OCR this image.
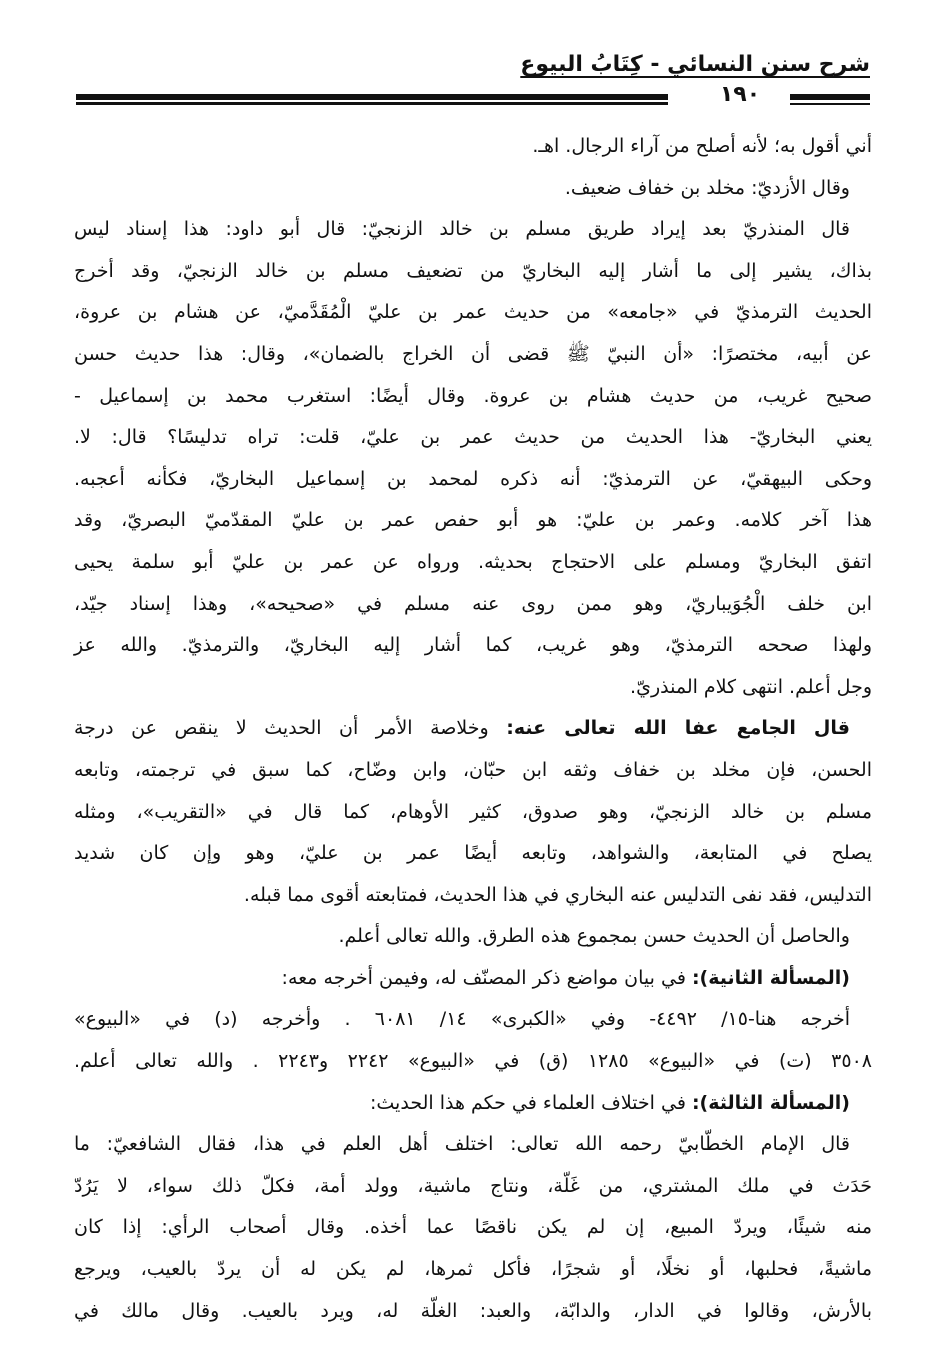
شرح سنن النسائي - كِتَابُ البيوع
١٩٠
أني أقول به؛ لأنه أصلح من آراء الرجال. اهـ.
وقال الأزديّ: مخلد بن خفاف ضعيف.
قال المنذريّ بعد إيراد طريق مسلم بن خالد الزنجيّ: قال أبو داود: هذا إسناد ليس
بذاك، يشير إلى ما أشار إليه البخاريّ من تضعيف مسلم بن خالد الزنجيّ، وقد أخرج
الحديث الترمذيّ في «جامعه» من حديث عمر بن عليّ الْمُقَدَّميّ، عن هشام بن عروة،
عن أبيه، مختصرًا: «أن النبيّ ﷺ قضى أن الخراج بالضمان»، وقال: هذا حديث حسن
صحيح غريب، من حديث هشام بن عروة. وقال أيضًا: استغرب محمد بن إسماعيل -
يعني البخاريّ- هذا الحديث من حديث عمر بن عليّ، قلت: تراه تدليسًا؟ قال: لا.
وحكى البيهقيّ، عن الترمذيّ: أنه ذكره لمحمد بن إسماعيل البخاريّ، فكأنه أعجبه.
هذا آخر كلامه. وعمر بن عليّ: هو أبو حفص عمر بن عليّ المقدّميّ البصريّ، وقد
اتفق البخاريّ ومسلم على الاحتجاج بحديثه. ورواه عن عمر بن عليّ أبو سلمة يحيى
ابن خلف الْجُوَيباريّ، وهو ممن روى عنه مسلم في «صحيحه»، وهذا إسناد جيّد،
ولهذا صححه الترمذيّ، وهو غريب، كما أشار إليه البخاريّ، والترمذيّ. والله عز
وجل أعلم. انتهى كلام المنذريّ.
قال الجامع عفا الله تعالى عنه: وخلاصة الأمر أن الحديث لا ينقص عن درجة
الحسن، فإن مخلد بن خفاف وثقه ابن حبّان، وابن وضّاح، كما سبق في ترجمته، وتابعه
مسلم بن خالد الزنجيّ، وهو صدوق، كثير الأوهام، كما قال في «التقريب»، ومثله
يصلح في المتابعة، والشواهد، وتابعه أيضًا عمر بن عليّ، وهو وإن كان شديد
التدليس، فقد نفى التدليس عنه البخاري في هذا الحديث، فمتابعته أقوى مما قبله.
والحاصل أن الحديث حسن بمجموع هذه الطرق. والله تعالى أعلم.
(المسألة الثانية): في بيان مواضع ذكر المصنّف له، وفيمن أخرجه معه:
أخرجه هنا-١٥/ ٤٤٩٢- وفي «الكبرى» ١٤/ ٦٠٨١ . وأخرجه (د) في «البيوع»
٣٥٠٨ (ت) في «البيوع» ١٢٨٥ (ق) في «البيوع» ٢٢٤٢ و٢٢٤٣ . والله تعالى أعلم.
(المسألة الثالثة): في اختلاف العلماء في حكم هذا الحديث:
قال الإمام الخطّابيّ رحمه الله تعالى: اختلف أهل العلم في هذا، فقال الشافعيّ: ما
حَدَث في ملك المشتري، من غَلّة، ونتاج ماشية، وولد أمة، فكلّ ذلك سواء، لا يَرُدّ
منه شيئًا، ويردّ المبيع، إن لم يكن ناقصًا عما أخذه. وقال أصحاب الرأي: إذا كان
ماشيةً، فحلبها، أو نخلًا، أو شجرًا، فأكل ثمرها، لم يكن له أن يردّ بالعيب، ويرجع
بالأرش، وقالوا في الدار، والدابّة، والعبد: الغلّة له، ويرد بالعيب. وقال مالك في
